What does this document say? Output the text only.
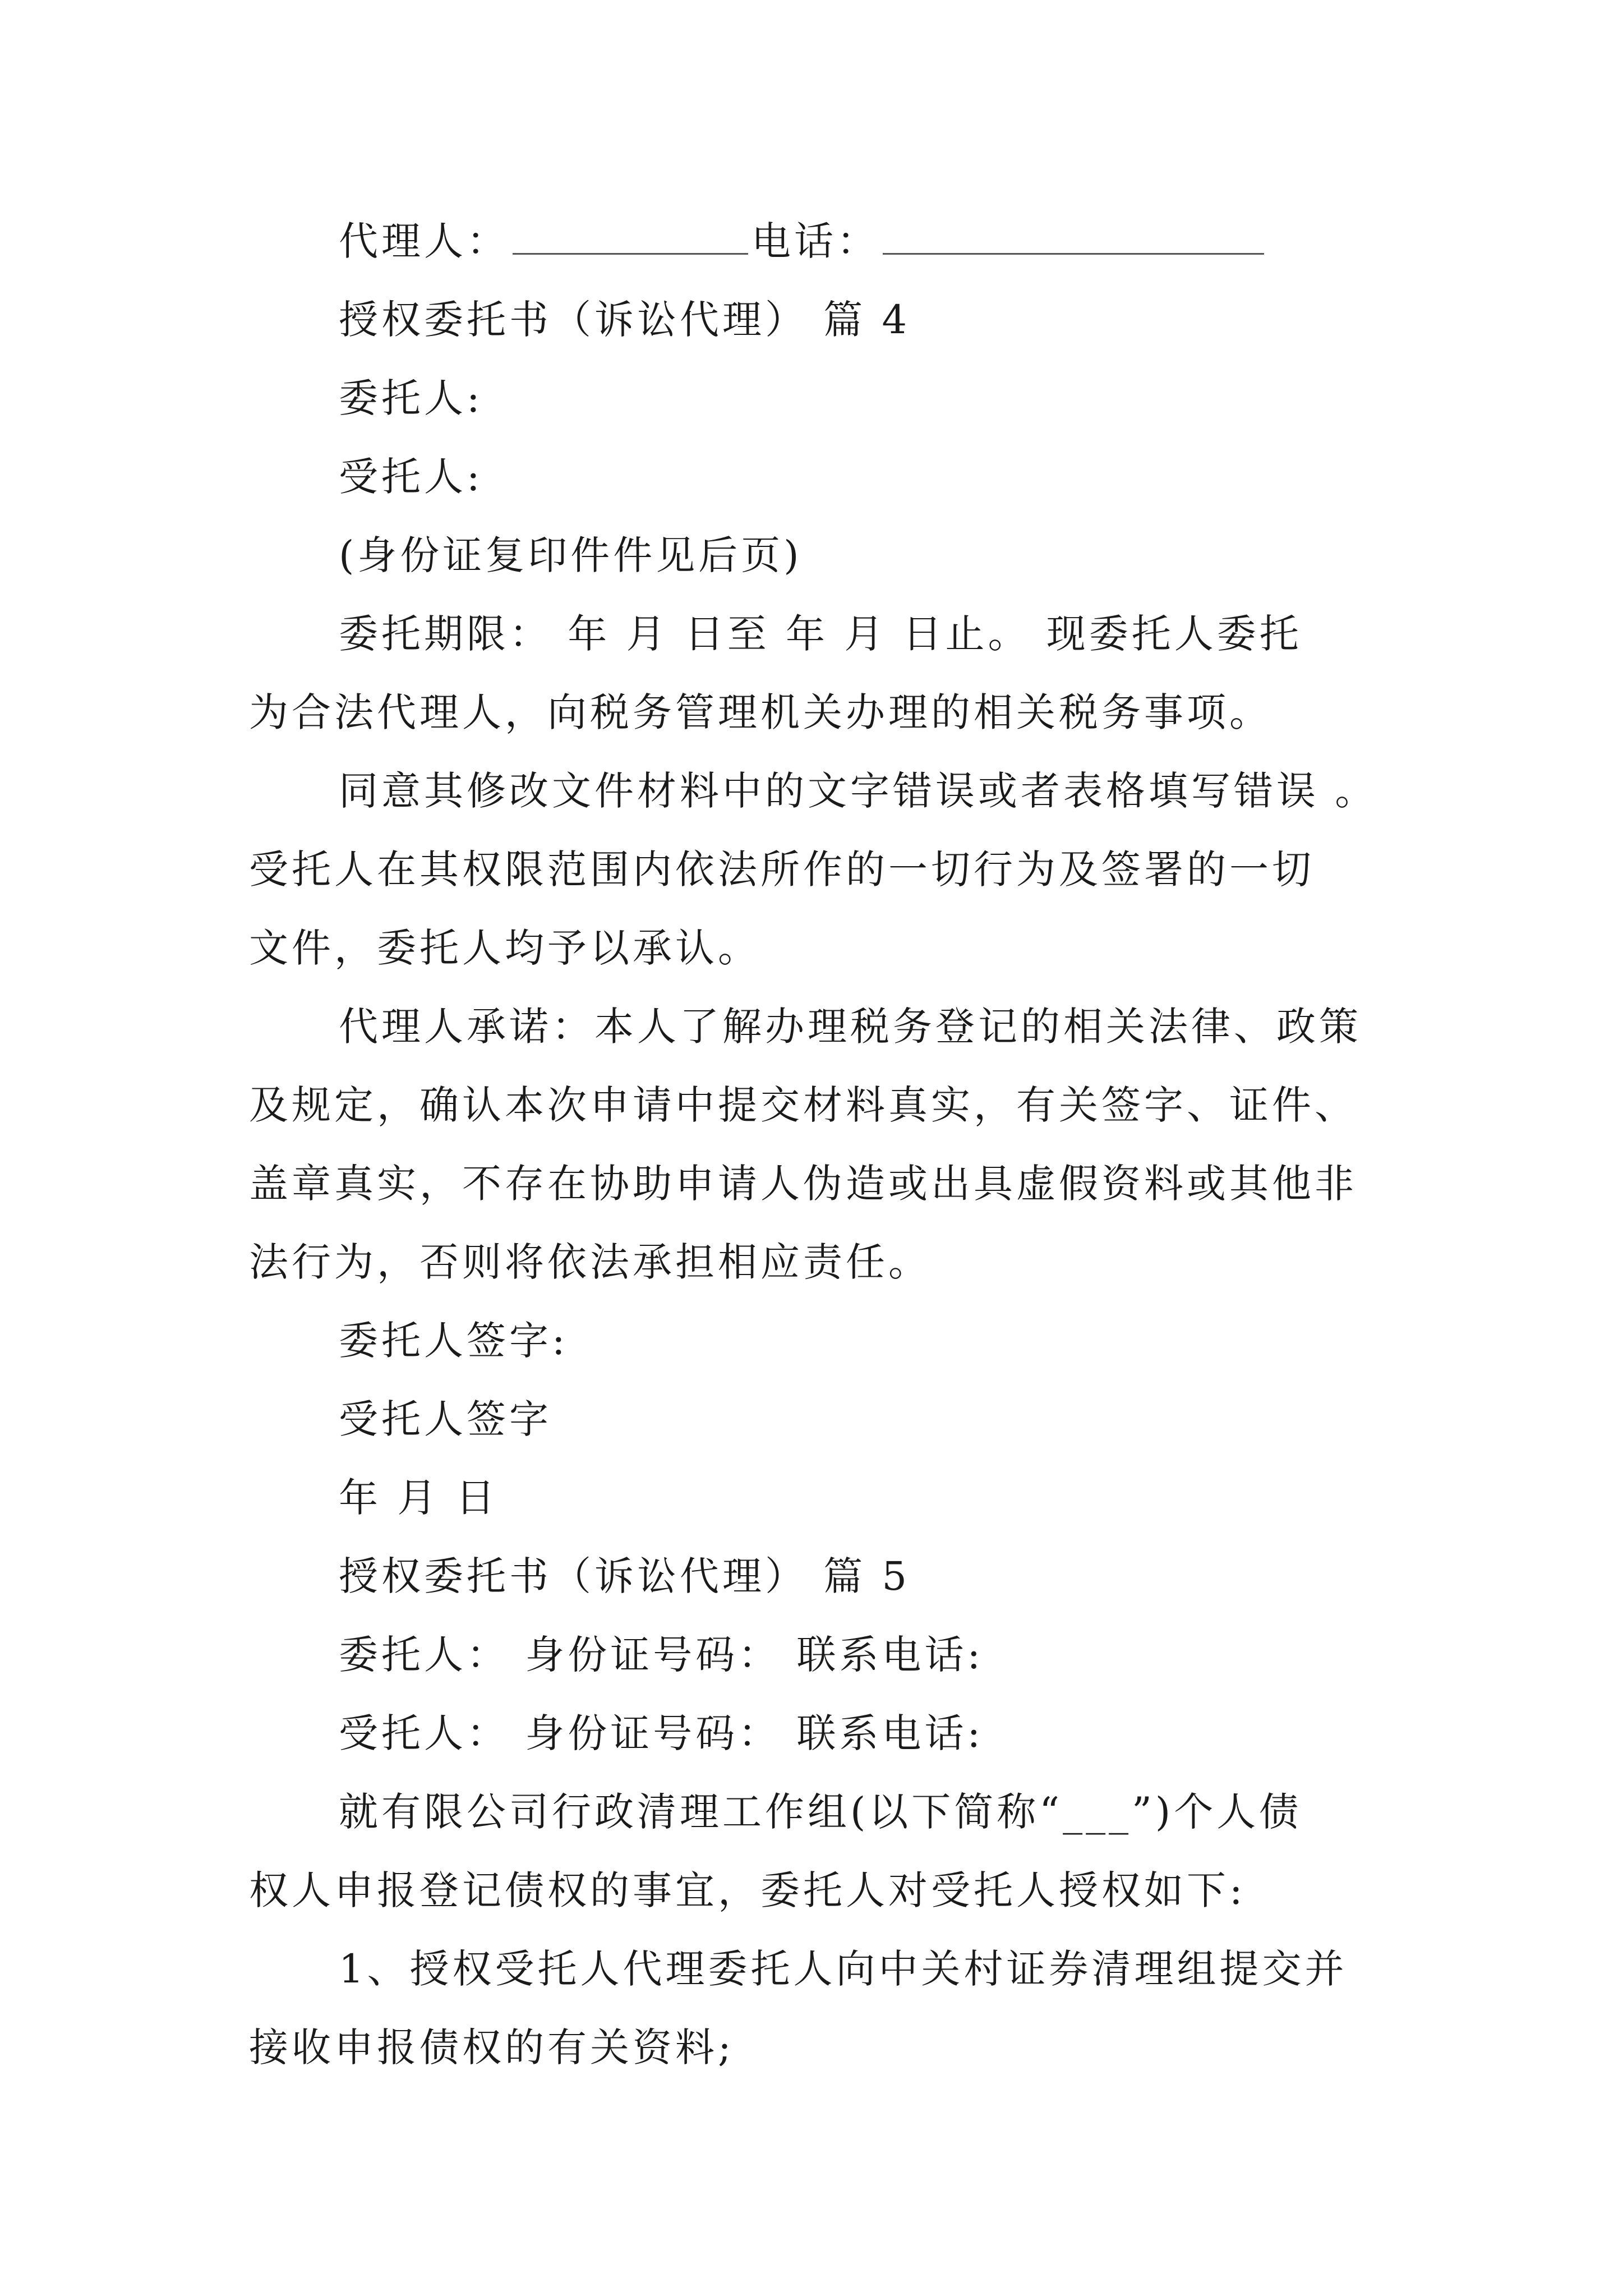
代理人：	电话：
授权委托书（诉讼代理） 篇 4
委托人:
受托人:
(身份证复印件件见后页)
委托期限： 年 月 日至 年 月 日止。 现委托人委托
为合法代理人，向税务管理机关办理的相关税务事项。
同意其修改文件材料中的文字错误或者表格填写错误 。
受托人在其权限范围内依法所作的一切行为及签署的一切
文件，委托人均予以承认。
代理人承诺：本人了解办理税务登记的相关法律、政策
及规定，确认本次申请中提交材料真实，有关签字、证件、
盖章真实，不存在协助申请人伪造或出具虚假资料或其他非
法行为，否则将依法承担相应责任。
委托人签字:
受托人签字
年 月 日
授权委托书（诉讼代理） 篇 5
委托人： 身份证号码： 联系电话:
受托人： 身份证号码： 联系电话:
就有限公司行政清理工作组(以下简称“___”)个人债
权人申报登记债权的事宜，委托人对受托人授权如下:
1、授权受托人代理委托人向中关村证券清理组提交并
接收申报债权的有关资料;
